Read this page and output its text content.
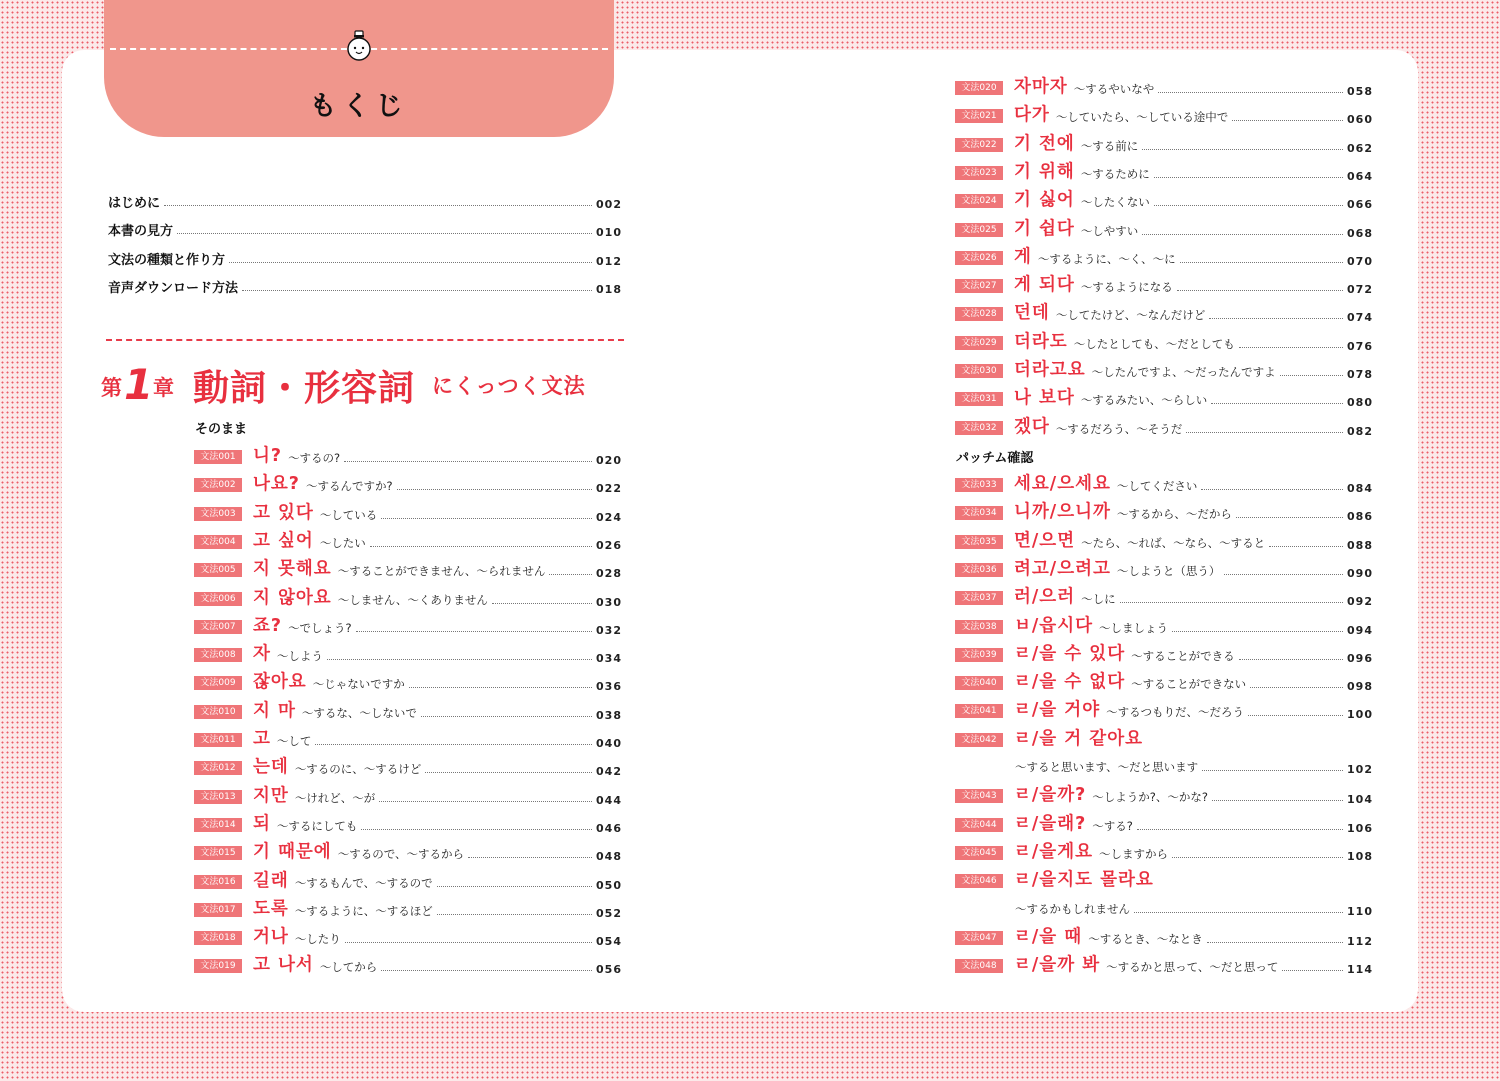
もくじ
はじめに	002
本書の見方	010
文法の種類と作り方	012
音声ダウンロード方法	018
第 1 章 動詞・形容詞 にくっつく文法
そのまま
パッチム確認
文法001 니? ～するの?	020
文法002 나요? ～するんですか?	022
文法003 고 있다 ～している	024
文法004 고 싶어 ～したい	026
文法005 지 못해요 ～することができません、～られません	028
文法006 지 않아요 ～しません、～くありません	030
文法007 죠? ～でしょう?	032
文法008 자 ～しよう	034
文法009 잖아요 ～じゃないですか	036
文法010 지 마 ～するな、～しないで	038
文法011 고 ～して	040
文法012 는데 ～するのに、～するけど	042
文法013 지만 ～けれど、～が	044
文法014 되 ～するにしても	046
文法015 기 때문에 ～するので、～するから	048
文法016 길래 ～するもんで、～するので	050
文法017 도록 ～するように、～するほど	052
文法018 거나 ～したり	054
文法019 고 나서 ～してから	056
文法020 자마자 ～するやいなや	058
文法021 다가 ～していたら、～している途中で	060
文法022 기 전에 ～する前に	062
文法023 기 위해 ～するために	064
文法024 기 싫어 ～したくない	066
文法025 기 쉽다 ～しやすい	068
文法026 게 ～するように、～く、～に	070
文法027 게 되다 ～するようになる	072
文法028 던데 ～してたけど、～なんだけど	074
文法029 더라도 ～したとしても、～だとしても	076
文法030 더라고요 ～したんですよ、～だったんですよ	078
文法031 나 보다 ～するみたい、～らしい	080
文法032 겠다 ～するだろう、～そうだ	082
文法033 세요/으세요 ～してください	084
文法034 니까/으니까 ～するから、～だから	086
文法035 면/으면 ～たら、～れば、～なら、～すると	088
文法036 려고/으려고 ～しようと（思う）	090
文法037 러/으러 ～しに	092
文法038 ㅂ/읍시다 ～しましょう	094
文法039 ㄹ/을 수 있다 ～することができる	096
文法040 ㄹ/을 수 없다 ～することができない	098
文法041 ㄹ/을 거야 ～するつもりだ、～だろう	100
文法042 ㄹ/을 거 같아요
～すると思います、～だと思います	102
文法043 ㄹ/을까? ～しようか?、～かな?	104
文法044 ㄹ/을래? ～する?	106
文法045 ㄹ/을게요 ～しますから	108
文法046 ㄹ/을지도 몰라요
～するかもしれません	110
文法047 ㄹ/을 때 ～するとき、～なとき	112
文法048 ㄹ/을까 봐 ～するかと思って、～だと思って	114
